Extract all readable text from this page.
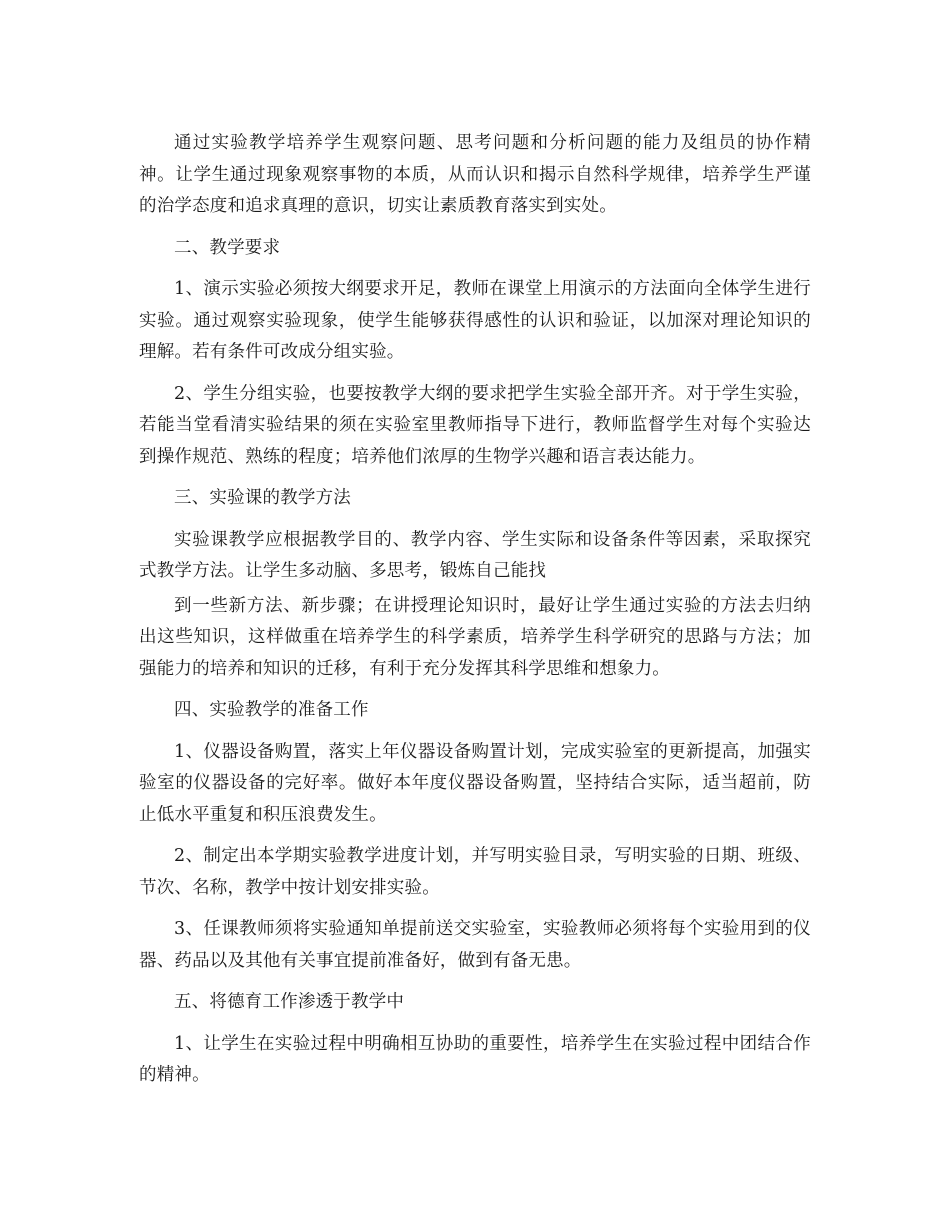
通过实验教学培养学生观察问题、思考问题和分析问题的能力及组员的协作精神。让学生通过现象观察事物的本质，从而认识和揭示自然科学规律，培养学生严谨的治学态度和追求真理的意识，切实让素质教育落实到实处。

二、教学要求

1、演示实验必须按大纲要求开足，教师在课堂上用演示的方法面向全体学生进行实验。通过观察实验现象，使学生能够获得感性的认识和验证，以加深对理论知识的理解。若有条件可改成分组实验。

2、学生分组实验，也要按教学大纲的要求把学生实验全部开齐。对于学生实验，若能当堂看清实验结果的须在实验室里教师指导下进行，教师监督学生对每个实验达到操作规范、熟练的程度；培养他们浓厚的生物学兴趣和语言表达能力。

三、实验课的教学方法

实验课教学应根据教学目的、教学内容、学生实际和设备条件等因素，采取探究式教学方法。让学生多动脑、多思考，锻炼自己能找

到一些新方法、新步骤；在讲授理论知识时，最好让学生通过实验的方法去归纳出这些知识，这样做重在培养学生的科学素质，培养学生科学研究的思路与方法；加强能力的培养和知识的迁移，有利于充分发挥其科学思维和想象力。

四、实验教学的准备工作

1、仪器设备购置，落实上年仪器设备购置计划，完成实验室的更新提高，加强实验室的仪器设备的完好率。做好本年度仪器设备购置，坚持结合实际，适当超前，防止低水平重复和积压浪费发生。

2、制定出本学期实验教学进度计划，并写明实验目录，写明实验的日期、班级、节次、名称，教学中按计划安排实验。

3、任课教师须将实验通知单提前送交实验室，实验教师必须将每个实验用到的仪器、药品以及其他有关事宜提前准备好，做到有备无患。

五、将德育工作渗透于教学中

1、让学生在实验过程中明确相互协助的重要性，培养学生在实验过程中团结合作的精神。
